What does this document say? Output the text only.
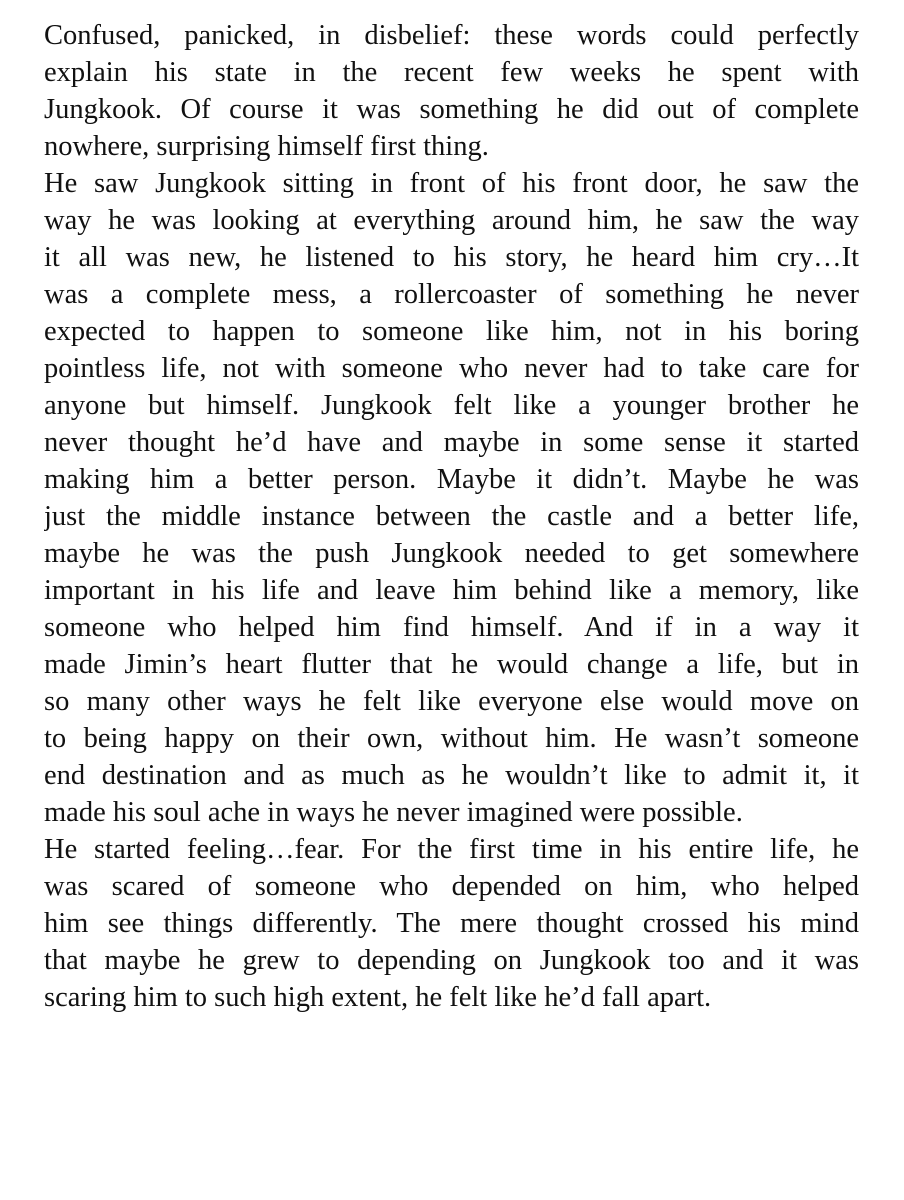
Confused, panicked, in disbelief: these words could perfectly
explain his state in the recent few weeks he spent with
Jungkook. Of course it was something he did out of complete
nowhere, surprising himself first thing.
He saw Jungkook sitting in front of his front door, he saw the
way he was looking at everything around him, he saw the way
it all was new, he listened to his story, he heard him cry…It
was a complete mess, a rollercoaster of something he never
expected to happen to someone like him, not in his boring
pointless life, not with someone who never had to take care for
anyone but himself. Jungkook felt like a younger brother he
never thought he’d have and maybe in some sense it started
making him a better person. Maybe it didn’t. Maybe he was
just the middle instance between the castle and a better life,
maybe he was the push Jungkook needed to get somewhere
important in his life and leave him behind like a memory, like
someone who helped him find himself. And if in a way it
made Jimin’s heart flutter that he would change a life, but in
so many other ways he felt like everyone else would move on
to being happy on their own, without him. He wasn’t someone
end destination and as much as he wouldn’t like to admit it, it
made his soul ache in ways he never imagined were possible.
He started feeling…fear. For the first time in his entire life, he
was scared of someone who depended on him, who helped
him see things differently. The mere thought crossed his mind
that maybe he grew to depending on Jungkook too and it was
scaring him to such high extent, he felt like he’d fall apart.
